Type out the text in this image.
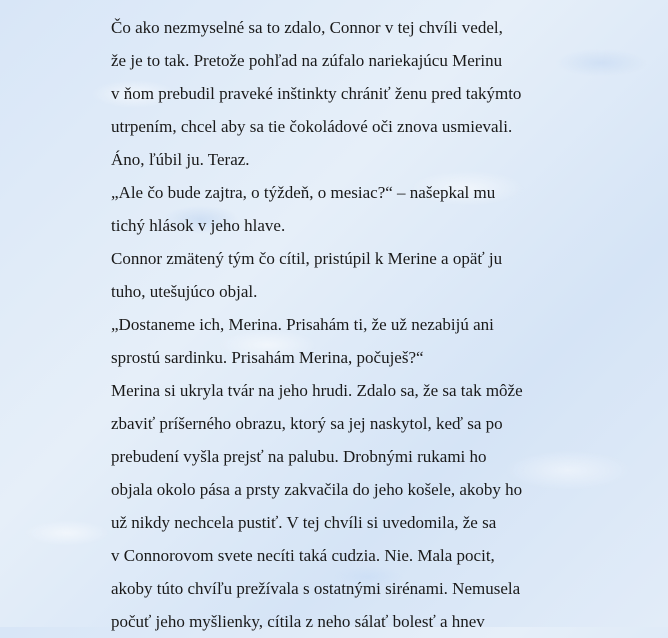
Čo ako nezmyselné sa to zdalo, Connor v tej chvíli vedel,
že je to tak. Pretože pohľad na zúfalo nariekajúcu Merinu
v ňom prebudil praveké inštinkty chrániť ženu pred takýmto
utrpením, chcel aby sa tie čokoládové oči znova usmievali.
Áno, ľúbil ju. Teraz.
„Ale čo bude zajtra, o týždeň, o mesiac?“ – našepkal mu
tichý hlások v jeho hlave.
Connor zmätený tým čo cítil, pristúpil k Merine a opäť ju
tuho, utešujúco objal.
„Dostaneme ich, Merina. Prisahám ti, že už nezabijú ani
sprostú sardinku. Prisahám Merina, počuješ?“
Merina si ukryla tvár na jeho hrudi. Zdalo sa, že sa tak môže
zbaviť príšerného obrazu, ktorý sa jej naskytol, keď sa po
prebudení vyšla prejsť na palubu. Drobnými rukami ho
objala okolo pása a prsty zakvačila do jeho košele, akoby ho
už nikdy nechcela pustiť. V tej chvíli si uvedomila, že sa
v Connorovom svete necíti taká cudzia. Nie. Mala pocit,
akoby túto chvíľu prežívala s ostatnými sirénami. Nemusela
počuť jeho myšlienky, cítila z neho sálať bolesť a hnev
